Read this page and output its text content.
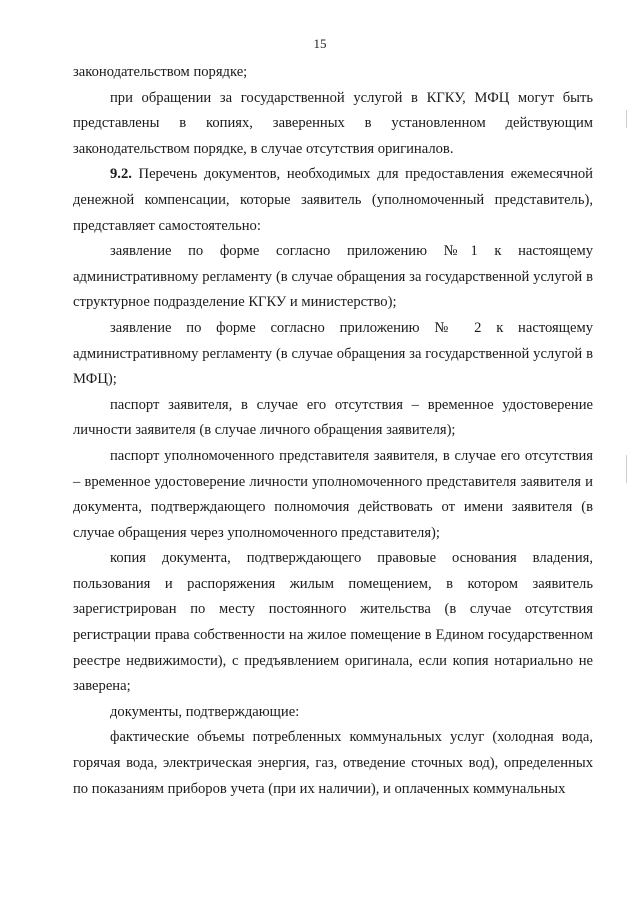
15

законодательством порядке;

при обращении за государственной услугой в КГКУ, МФЦ могут быть представлены в копиях, заверенных в установленном действующим законодательством порядке, в случае отсутствия оригиналов.

9.2. Перечень документов, необходимых для предоставления ежемесячной денежной компенсации, которые заявитель (уполномоченный представитель), представляет самостоятельно:

заявление по форме согласно приложению №1 к настоящему административному регламенту (в случае обращения за государственной услугой в структурное подразделение КГКУ и министерство);

заявление по форме согласно приложению № 2 к настоящему административному регламенту (в случае обращения за государственной услугой в МФЦ);

паспорт заявителя, в случае его отсутствия – временное удостоверение личности заявителя (в случае личного обращения заявителя);

паспорт уполномоченного представителя заявителя, в случае его отсутствия – временное удостоверение личности уполномоченного представителя заявителя и документа, подтверждающего полномочия действовать от имени заявителя (в случае обращения через уполномоченного представителя);

копия документа, подтверждающего правовые основания владения, пользования и распоряжения жилым помещением, в котором заявитель зарегистрирован по месту постоянного жительства (в случае отсутствия регистрации права собственности на жилое помещение в Едином государственном реестре недвижимости), с предъявлением оригинала, если копия нотариально не заверена;

документы, подтверждающие:

фактические объемы потребленных коммунальных услуг (холодная вода, горячая вода, электрическая энергия, газ, отведение сточных вод), определенных по показаниям приборов учета (при их наличии), и оплаченных коммунальных
